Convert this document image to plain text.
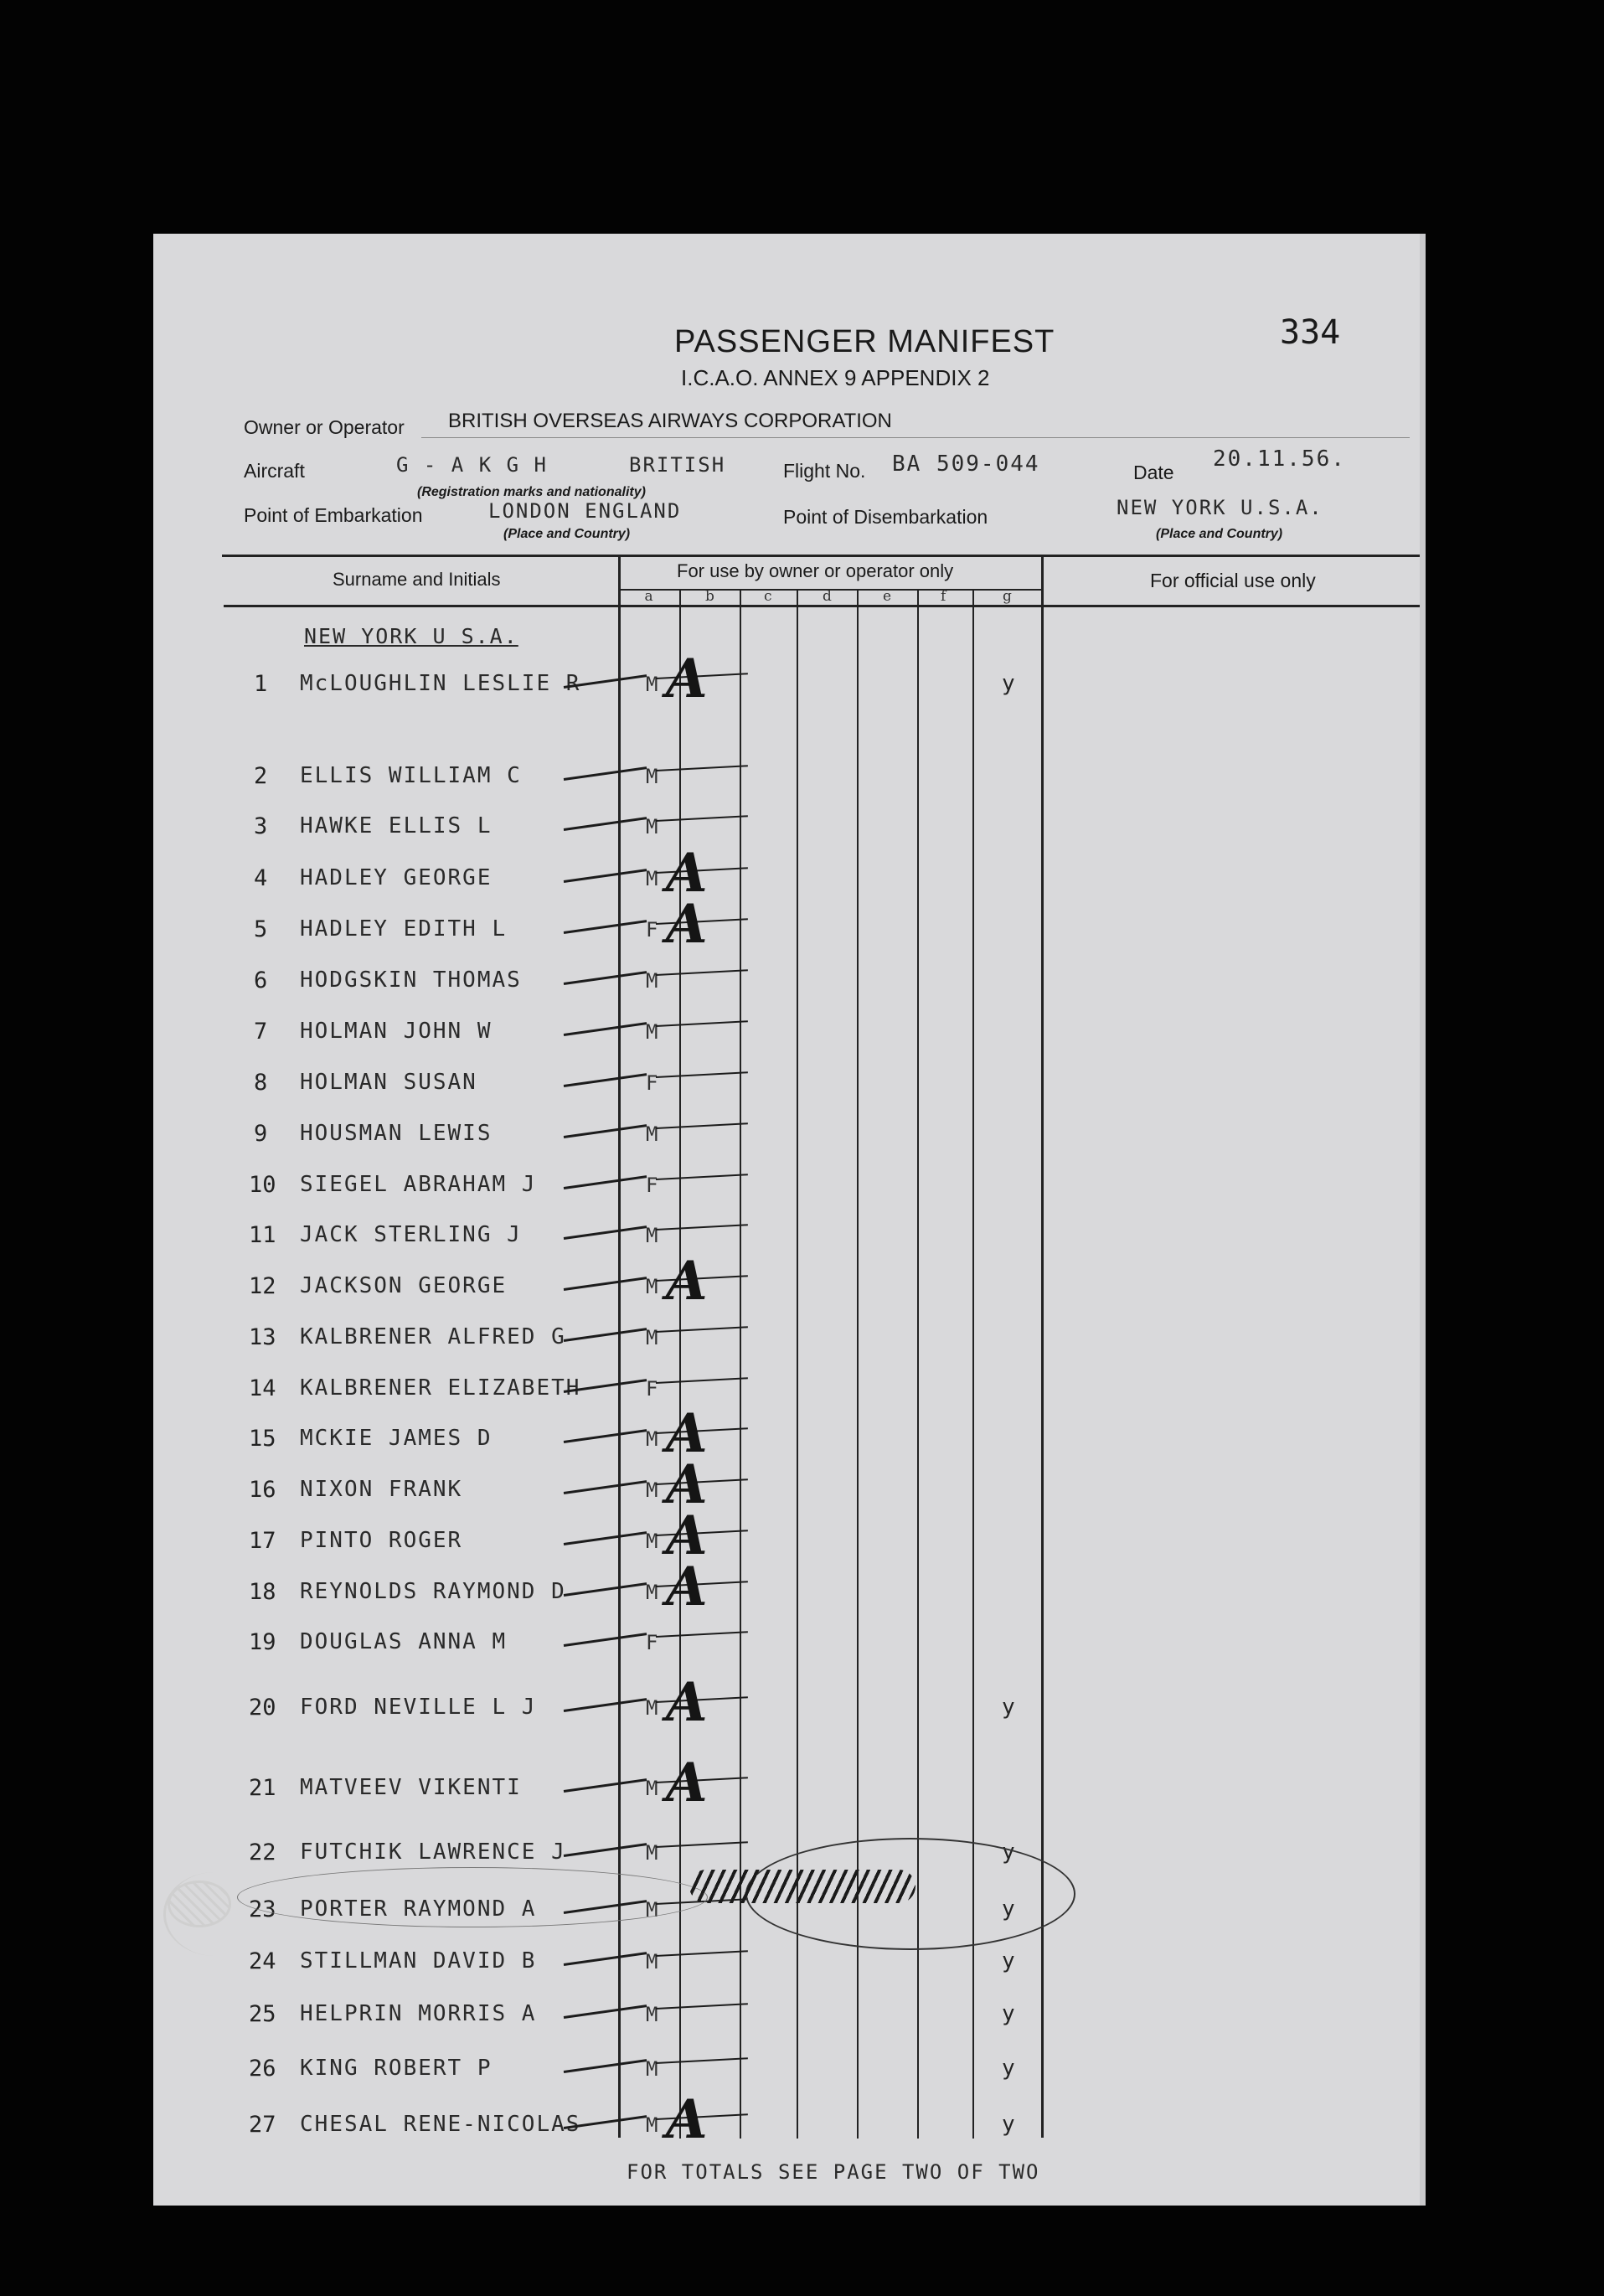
334
PASSENGER MANIFEST
I.C.A.O. ANNEX 9 APPENDIX 2
Owner or Operator BRITISH OVERSEAS AIRWAYS CORPORATION
Aircraft	G - A K G H	BRITISH	Flight No. BA 509-044	Date
20.11.56.
(Registration marks and nationality)
Point of Embarkation	LONDON ENGLAND	Point of Disembarkation	NEW YORK U.S.A.
(Place and Country)	(Place and Country)
Surname and Initials	For use by owner or operator only	For official use only
a	b	c	d	e	f	g
NEW YORK U S.A.
1 McLOUGHLIN LESLIE R	M A	y
2 ELLIS WILLIAM C	M
3 HAWKE ELLIS L	M
4 HADLEY GEORGE	M A
5 HADLEY EDITH L	F A
6 HODGSKIN THOMAS	M
7 HOLMAN JOHN W	M
8 HOLMAN SUSAN	F
9 HOUSMAN LEWIS	M
10 SIEGEL ABRAHAM J	F
11 JACK STERLING J	M
12 JACKSON GEORGE	M A
13 KALBRENER ALFRED G	M
14 KALBRENER ELIZABETH	F
15 MCKIE JAMES D	M A
16 NIXON FRANK	M A
17 PINTO ROGER	M A
18 REYNOLDS RAYMOND D	M A
19 DOUGLAS ANNA M	F
20 FORD NEVILLE L J	M A	y
21 MATVEEV VIKENTI	M A
22 FUTCHIK LAWRENCE J	M	y
23 PORTER RAYMOND A	M	y
24 STILLMAN DAVID B	M	y
25 HELPRIN MORRIS A	M	y
26 KING ROBERT P	M	y
27 CHESAL RENE-NICOLAS	M A	y
FOR TOTALS SEE PAGE TWO OF TWO
